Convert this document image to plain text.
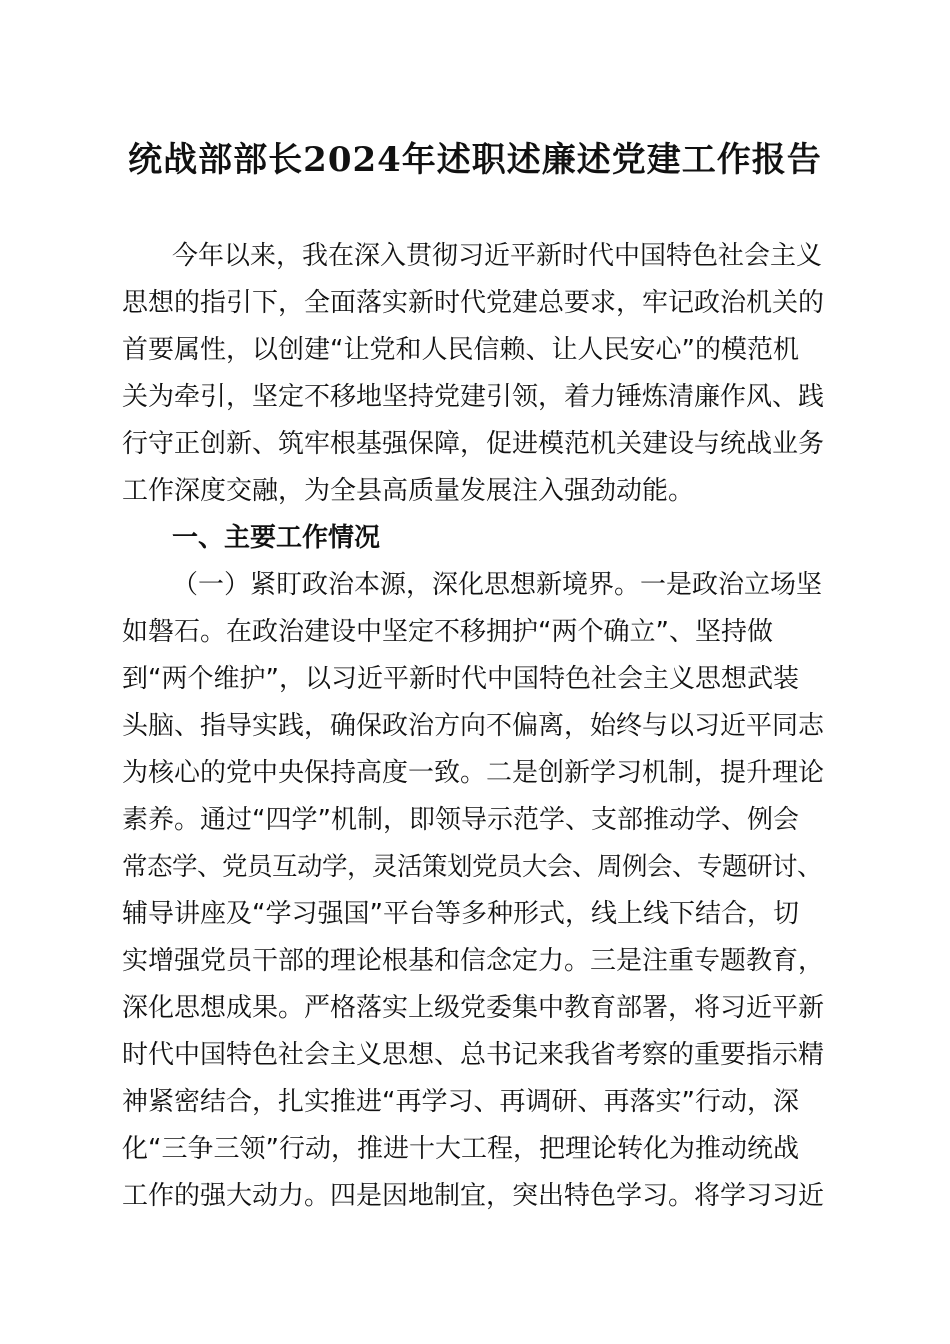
统战部部长2024年述职述廉述党建工作报告
今年以来，我在深入贯彻习近平新时代中国特色社会主义
思想的指引下，全面落实新时代党建总要求，牢记政治机关的
首要属性，以创建“让党和人民信赖、让人民安心”的模范机
关为牵引，坚定不移地坚持党建引领，着力锤炼清廉作风、践
行守正创新、筑牢根基强保障，促进模范机关建设与统战业务
工作深度交融，为全县高质量发展注入强劲动能。
一、主要工作情况
（一）紧盯政治本源，深化思想新境界。一是政治立场坚
如磐石。在政治建设中坚定不移拥护“两个确立”、坚持做
到“两个维护”，以习近平新时代中国特色社会主义思想武装
头脑、指导实践，确保政治方向不偏离，始终与以习近平同志
为核心的党中央保持高度一致。二是创新学习机制，提升理论
素养。通过“四学”机制，即领导示范学、支部推动学、例会
常态学、党员互动学，灵活策划党员大会、周例会、专题研讨、
辅导讲座及“学习强国”平台等多种形式，线上线下结合，切
实增强党员干部的理论根基和信念定力。三是注重专题教育，
深化思想成果。严格落实上级党委集中教育部署，将习近平新
时代中国特色社会主义思想、总书记来我省考察的重要指示精
神紧密结合，扎实推进“再学习、再调研、再落实”行动，深
化“三争三领”行动，推进十大工程，把理论转化为推动统战
工作的强大动力。四是因地制宜，突出特色学习。将学习习近
